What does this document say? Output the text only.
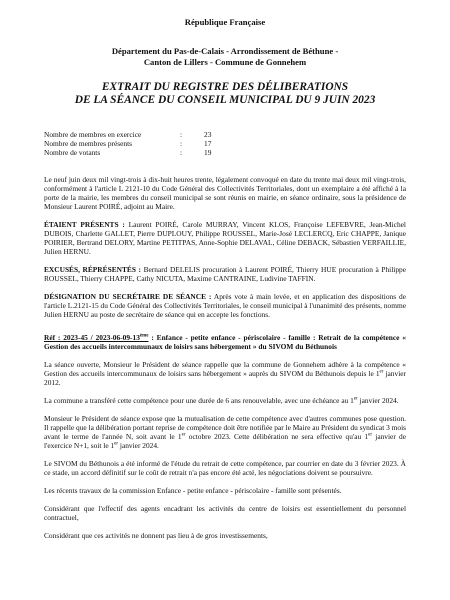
République Française
Département du Pas-de-Calais - Arrondissement de Béthune -
Canton de Lillers - Commune de Gonnehem
EXTRAIT DU REGISTRE DES DÉLIBERATIONS
DE LA SÉANCE DU CONSEIL MUNICIPAL DU 9 JUIN 2023
Nombre de membres en exercice	:	23
Nombre de membres présents	:	17
Nombre de votants	:	19

Le neuf juin deux mil vingt-trois à dix-huit heures trente, légalement convoqué en date du trente mai deux mil vingt-trois, conformément à l'article L 2121-10 du Code Général des Collectivités Territoriales, dont un exemplaire a été affiché à la porte de la mairie, les membres du conseil municipal se sont réunis en mairie, en séance ordinaire, sous la présidence de Monsieur Laurent POIRÉ, adjoint au Maire.

ÉTAIENT PRÉSENTS : Laurent POIRÉ, Carole MURRAY, Vincent KLOS, Françoise LEFEBVRE, Jean-Michel DUBOIS, Charlette GALLET, Pierre DUPLOUY, Philippe ROUSSEL, Marie-José LECLERCQ, Eric CHAPPE, Janique POIRIER, Bertrand DELORY, Martine PETITPAS, Anne-Sophie DELAVAL, Céline DEBACK, Sébastien VERFAILLIE, Julien HERNU.

EXCUSÉS, RÉPRÉSENTÉS : Bernard DELELIS procuration à Laurent POIRÉ, Thierry HUE procuration à Philippe ROUSSEL, Thierry CHAPPE, Cathy NICUTA, Maxime CANTRAINE, Ludivine TAFFIN.

DÉSIGNATION DU SECRÉTAIRE DE SÉANCE : Après vote à main levée, et en application des dispositions de l'article L.2121-15 du Code Général des Collectivités Territoriales, le conseil municipal à l'unanimité des présents, nomme Julien HERNU au poste de secrétaire de séance qui en accepte les fonctions.

Réf : 2023-45 / 2023-06-09-13ème : Enfance - petite enfance - périscolaire - famille : Retrait de la compétence « Gestion des accueils intercommunaux de loisirs sans hébergement » du SIVOM du Béthunois

La séance ouverte, Monsieur le Président de séance rappelle que la commune de Gonnehem adhère à la compétence « Gestion des accueils intercommunaux de loisirs sans hébergement » auprès du SIVOM du Béthunois depuis le 1er janvier 2012.

La commune a transféré cette compétence pour une durée de 6 ans renouvelable, avec une échéance au 1er janvier 2024.

Monsieur le Président de séance expose que la mutualisation de cette compétence avec d'autres communes pose question. Il rappelle que la délibération portant reprise de compétence doit être notifiée par le Maire au Président du syndicat 3 mois avant le terme de l'année N, soit avant le 1er octobre 2023. Cette délibération ne sera effective qu'au 1er janvier de l'exercice N+1, soit le 1er janvier 2024.

Le SIVOM du Béthunois a été informé de l'étude du retrait de cette compétence, par courrier en date du 3 février 2023. À ce stade, un accord définitif sur le coût de retrait n'a pas encore été acté, les négociations doivent se poursuivre.

Les récents travaux de la commission Enfance - petite enfance - périscolaire - famille sont présentés.

Considérant que l'effectif des agents encadrant les activités du centre de loisirs est essentiellement du personnel contractuel,

Considérant que ces activités ne donnent pas lieu à de gros investissements,
